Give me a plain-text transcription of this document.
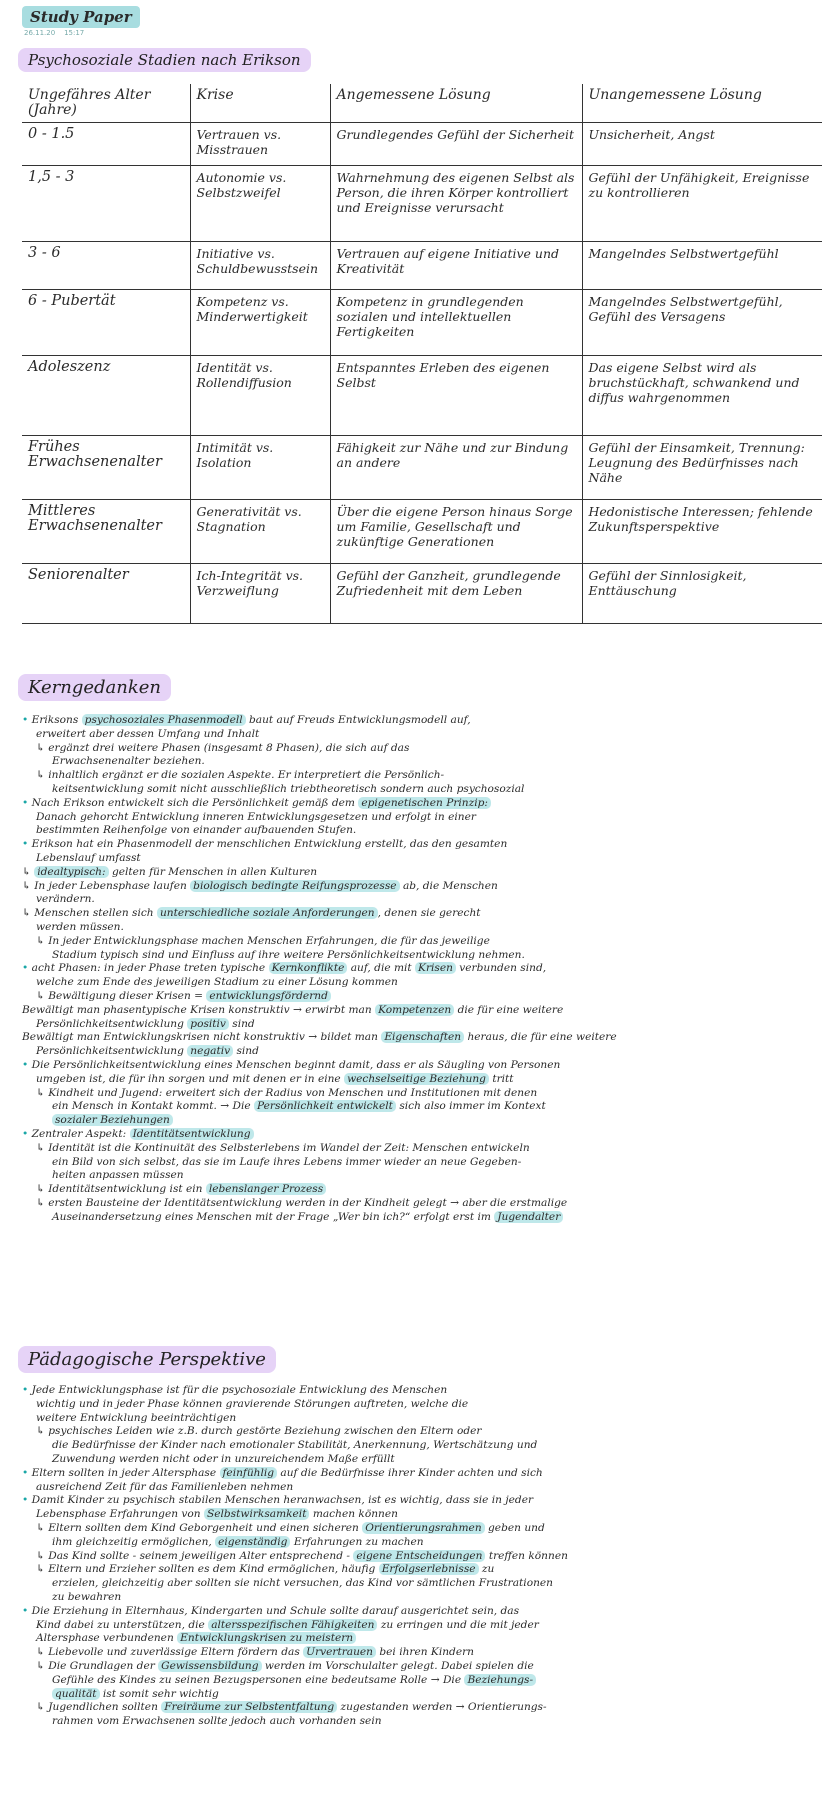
Study Paper
26.11.20 15:17
Psychosoziale Stadien nach Erikson
Ungefähres Alter (Jahre)	Krise	Angemessene Lösung	Unangemessene Lösung
0 - 1.5	Vertrauen vs. Misstrauen	Grundlegendes Gefühl der Sicherheit	Unsicherheit, Angst
1,5 - 3	Autonomie vs. Selbstzweifel	Wahrnehmung des eigenen Selbst als Person, die ihren Körper kontrolliert und Ereignisse verursacht	Gefühl der Unfähigkeit, Ereignisse zu kontrollieren
3 - 6	Initiative vs. Schuldbewusstsein	Vertrauen auf eigene Initiative und Kreativität	Mangelndes Selbstwertgefühl
6 - Pubertät	Kompetenz vs. Minderwertigkeit	Kompetenz in grundlegenden sozialen und intellektuellen Fertigkeiten	Mangelndes Selbstwertgefühl, Gefühl des Versagens
Adoleszenz	Identität vs. Rollendiffusion	Entspanntes Erleben des eigenen Selbst	Das eigene Selbst wird als bruchstückhaft, schwankend und diffus wahrgenommen
Frühes Erwachsenenalter	Intimität vs. Isolation	Fähigkeit zur Nähe und zur Bindung an andere	Gefühl der Einsamkeit, Trennung: Leugnung des Bedürfnisses nach Nähe
Mittleres Erwachsenenalter	Generativität vs. Stagnation	Über die eigene Person hinaus Sorge um Familie, Gesellschaft und zukünftige Generationen	Hedonistische Interessen; fehlende Zukunftsperspektive
Seniorenalter	Ich-Integrität vs. Verzweiflung	Gefühl der Ganzheit, grundlegende Zufriedenheit mit dem Leben	Gefühl der Sinnlosigkeit, Enttäuschung
Kerngedanken

• Eriksons psychosoziales Phasenmodell baut auf Freuds Entwicklungsmodell auf,

erweitert aber dessen Umfang und Inhalt

↳ ergänzt drei weitere Phasen (insgesamt 8 Phasen), die sich auf das

Erwachsenenalter beziehen.

↳ inhaltlich ergänzt er die sozialen Aspekte. Er interpretiert die Persönlich-

keitsentwicklung somit nicht ausschließlich triebtheoretisch sondern auch psychosozial

• Nach Erikson entwickelt sich die Persönlichkeit gemäß dem epigenetischen Prinzip:

Danach gehorcht Entwicklung inneren Entwicklungsgesetzen und erfolgt in einer

bestimmten Reihenfolge von einander aufbauenden Stufen.

• Erikson hat ein Phasenmodell der menschlichen Entwicklung erstellt, das den gesamten

Lebenslauf umfasst

↳ idealtypisch: gelten für Menschen in allen Kulturen

↳ In jeder Lebensphase laufen biologisch bedingte Reifungsprozesse ab, die Menschen

verändern.

↳ Menschen stellen sich unterschiedliche soziale Anforderungen , denen sie gerecht

werden müssen.

↳ In jeder Entwicklungsphase machen Menschen Erfahrungen, die für das jeweilige

Stadium typisch sind und Einfluss auf ihre weitere Persönlichkeitsentwicklung nehmen.

• acht Phasen: in jeder Phase treten typische Kernkonflikte auf, die mit Krisen verbunden sind,

welche zum Ende des jeweiligen Stadium zu einer Lösung kommen

↳ Bewältigung dieser Krisen = entwicklungsfördernd

Bewältigt man phasentypische Krisen konstruktiv → erwirbt man Kompetenzen die für eine weitere

Persönlichkeitsentwicklung positiv sind

Bewältigt man Entwicklungskrisen nicht konstruktiv → bildet man Eigenschaften heraus, die für eine weitere

Persönlichkeitsentwicklung negativ sind

• Die Persönlichkeitsentwicklung eines Menschen beginnt damit, dass er als Säugling von Personen

umgeben ist, die für ihn sorgen und mit denen er in eine wechselseitige Beziehung tritt

↳ Kindheit und Jugend: erweitert sich der Radius von Menschen und Institutionen mit denen

ein Mensch in Kontakt kommt. → Die Persönlichkeit entwickelt sich also immer im Kontext

sozialer Beziehungen

• Zentraler Aspekt: Identitätsentwicklung

↳ Identität ist die Kontinuität des Selbsterlebens im Wandel der Zeit: Menschen entwickeln

ein Bild von sich selbst, das sie im Laufe ihres Lebens immer wieder an neue Gegeben-

heiten anpassen müssen

↳ Identitätsentwicklung ist ein lebenslanger Prozess

↳ ersten Bausteine der Identitätsentwicklung werden in der Kindheit gelegt → aber die erstmalige

Auseinandersetzung eines Menschen mit der Frage „Wer bin ich?“ erfolgt erst im Jugendalter

Pädagogische Perspektive

• Jede Entwicklungsphase ist für die psychosoziale Entwicklung des Menschen

wichtig und in jeder Phase können gravierende Störungen auftreten, welche die

weitere Entwicklung beeinträchtigen

↳ psychisches Leiden wie z.B. durch gestörte Beziehung zwischen den Eltern oder

die Bedürfnisse der Kinder nach emotionaler Stabilität, Anerkennung, Wertschätzung und

Zuwendung werden nicht oder in unzureichendem Maße erfüllt

• Eltern sollten in jeder Altersphase feinfühlig auf die Bedürfnisse ihrer Kinder achten und sich

ausreichend Zeit für das Familienleben nehmen

• Damit Kinder zu psychisch stabilen Menschen heranwachsen, ist es wichtig, dass sie in jeder

Lebensphase Erfahrungen von Selbstwirksamkeit machen können

↳ Eltern sollten dem Kind Geborgenheit und einen sicheren Orientierungsrahmen geben und

ihm gleichzeitig ermöglichen, eigenständig Erfahrungen zu machen

↳ Das Kind sollte - seinem jeweiligen Alter entsprechend - eigene Entscheidungen treffen können

↳ Eltern und Erzieher sollten es dem Kind ermöglichen, häufig Erfolgserlebnisse zu

erzielen, gleichzeitig aber sollten sie nicht versuchen, das Kind vor sämtlichen Frustrationen

zu bewahren

• Die Erziehung in Elternhaus, Kindergarten und Schule sollte darauf ausgerichtet sein, das

Kind dabei zu unterstützen, die altersspezifischen Fähigkeiten zu erringen und die mit jeder

Altersphase verbundenen Entwicklungskrisen zu meistern

↳ Liebevolle und zuverlässige Eltern fördern das Urvertrauen bei ihren Kindern

↳ Die Grundlagen der Gewissensbildung werden im Vorschulalter gelegt. Dabei spielen die

Gefühle des Kindes zu seinen Bezugspersonen eine bedeutsame Rolle → Die Beziehungs-

qualität ist somit sehr wichtig

↳ Jugendlichen sollten Freiräume zur Selbstentfaltung zugestanden werden → Orientierungs-

rahmen vom Erwachsenen sollte jedoch auch vorhanden sein
